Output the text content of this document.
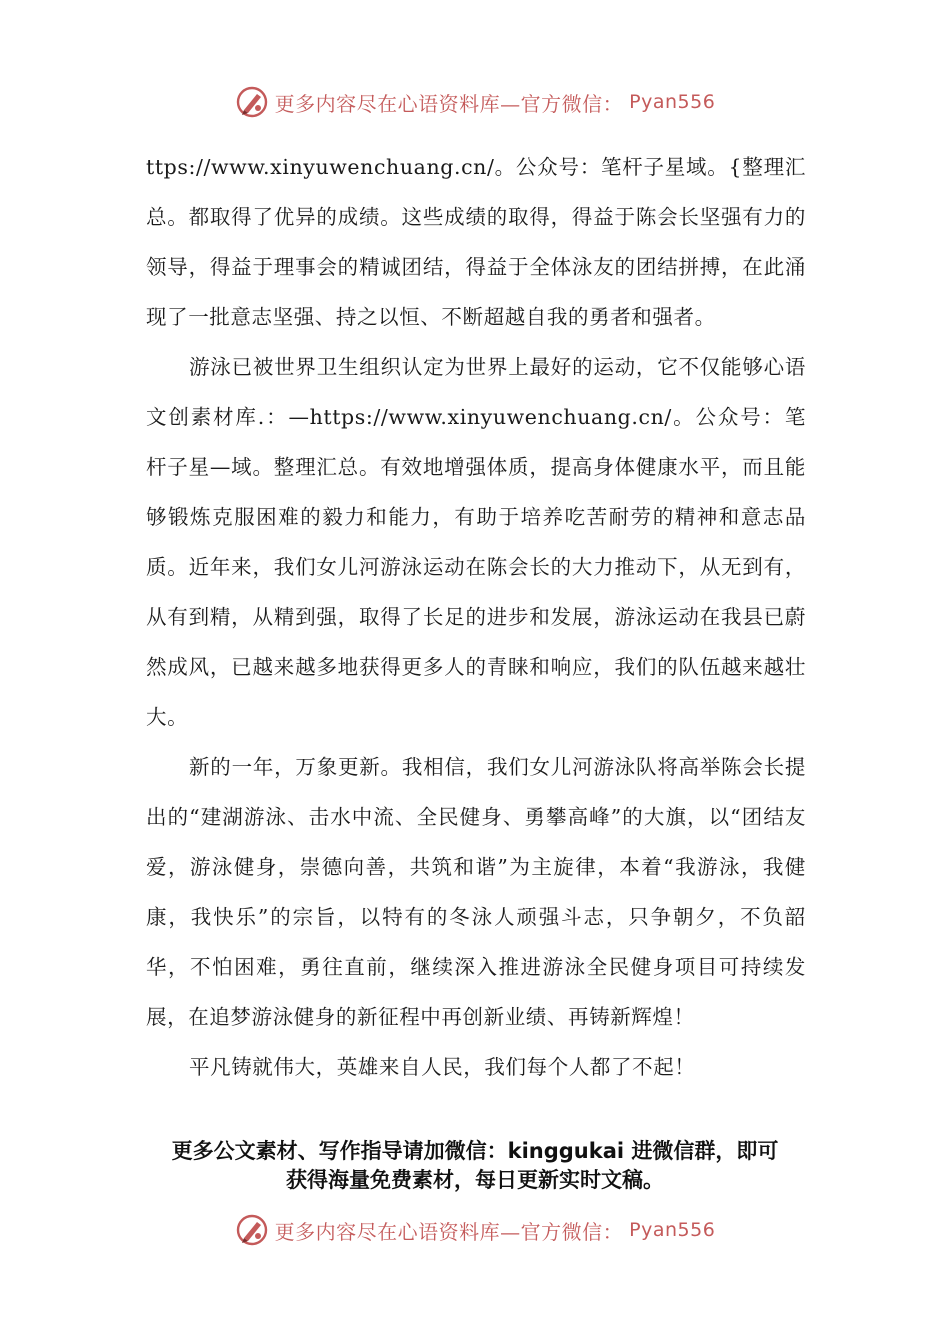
更多内容尽在心语资料库—官方微信： Pyan556

ttps://www.xinyuwenchuang.cn/。公众号：笔杆子星域。{整理汇总。都取得了优异的成绩。这些成绩的取得，得益于陈会长坚强有力的领导，得益于理事会的精诚团结，得益于全体泳友的团结拼搏，在此涌现了一批意志坚强、持之以恒、不断超越自我的勇者和强者。

游泳已被世界卫生组织认定为世界上最好的运动，它不仅能够心语文创素材库.：—https://www.xinyuwenchuang.cn/。公众号：笔杆子星—域。整理汇总。有效地增强体质，提高身体健康水平，而且能够锻炼克服困难的毅力和能力，有助于培养吃苦耐劳的精神和意志品质。近年来，我们女儿河游泳运动在陈会长的大力推动下，从无到有，从有到精，从精到强，取得了长足的进步和发展，游泳运动在我县已蔚然成风，已越来越多地获得更多人的青睐和响应，我们的队伍越来越壮大。

新的一年，万象更新。我相信，我们女儿河游泳队将高举陈会长提出的“建湖游泳、击水中流、全民健身、勇攀高峰”的大旗，以“团结友爱，游泳健身，崇德向善，共筑和谐”为主旋律，本着“我游泳，我健康，我快乐”的宗旨，以特有的冬泳人顽强斗志，只争朝夕，不负韶华，不怕困难，勇往直前，继续深入推进游泳全民健身项目可持续发展，在追梦游泳健身的新征程中再创新业绩、再铸新辉煌！

平凡铸就伟大，英雄来自人民，我们每个人都了不起！

更多公文素材、写作指导请加微信：kinggukai 进微信群，即可
获得海量免费素材，每日更新实时文稿。
更多内容尽在心语资料库—官方微信： Pyan556
